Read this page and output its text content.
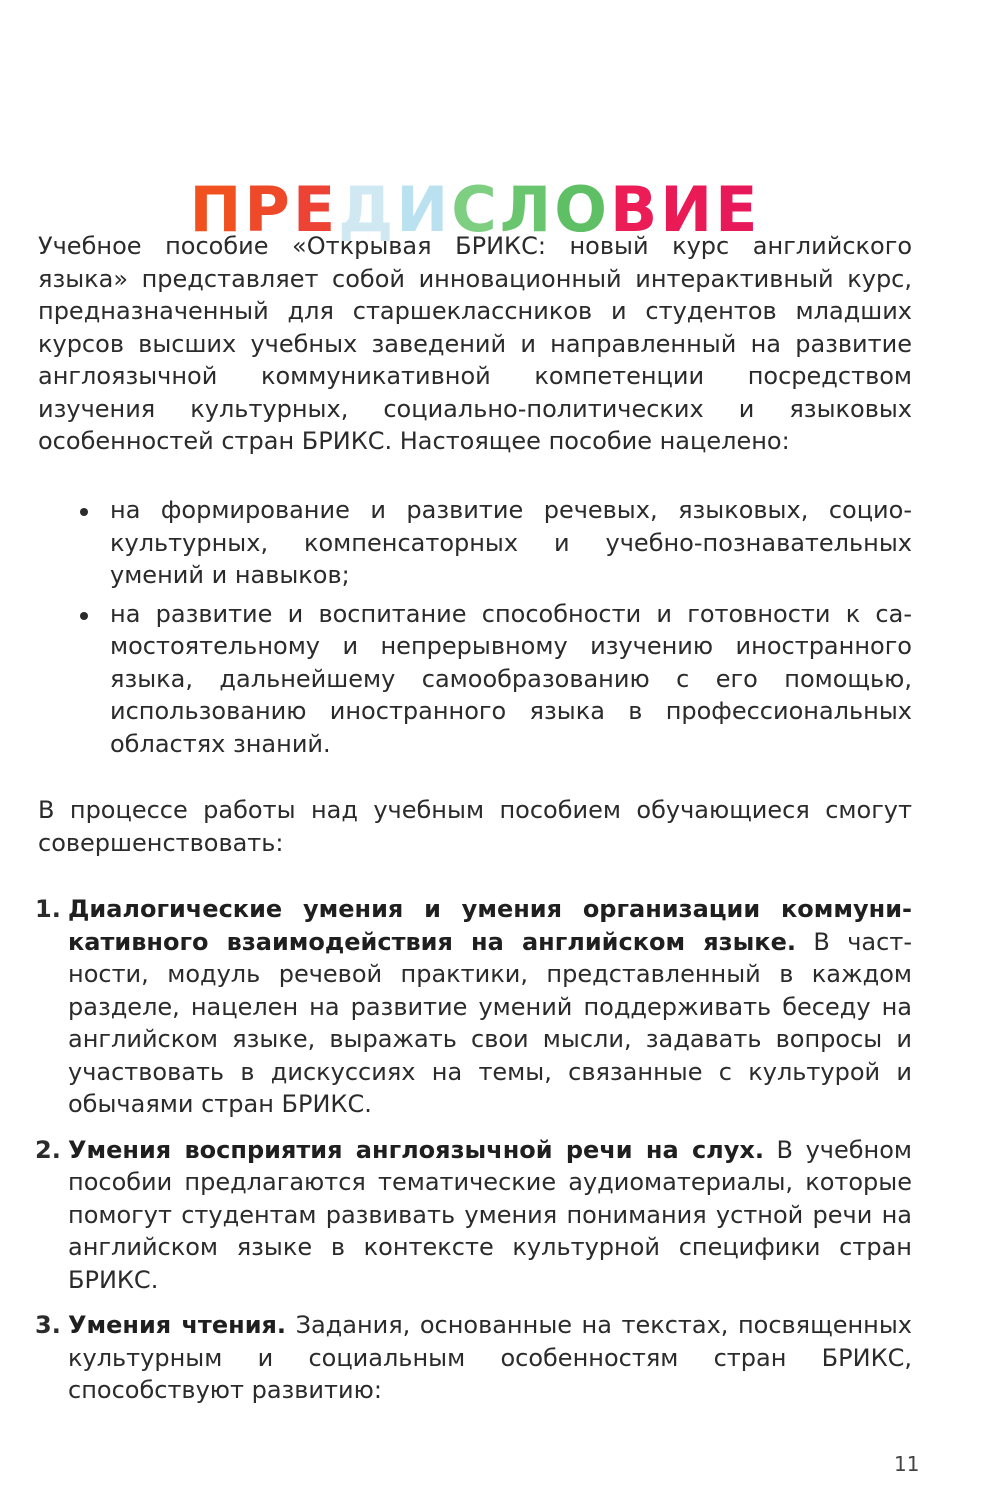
ПРЕДИСЛОВИЕ

Учебное пособие «Открывая БРИКС: новый курс английского языка» представляет собой инновационный интерактивный курс, предназначенный для старшеклассников и студентов младших курсов высших учебных заведений и направленный на развитие англоязычной коммуникативной компетенции посредством изучения культурных, социально-политических и языковых особенностей стран БРИКС. Настоящее пособие нацелено:

на формирование и развитие речевых, языковых, социокультурных, компенсаторных и учебно-познавательных умений и навыков;
на развитие и воспитание способности и готовности к самостоятельному и непрерывному изучению иностранного языка, дальнейшему самообразованию с его помощью, использованию иностранного языка в профессиональных областях знаний.

В процессе работы над учебным пособием обучающиеся смогут совершенствовать:

1. Диалогические умения и умения организации коммуникативного взаимодействия на английском языке. В частности, модуль речевой практики, представленный в каждом разделе, нацелен на развитие умений поддерживать беседу на английском языке, выражать свои мысли, задавать вопросы и участвовать в дискуссиях на темы, связанные с культурой и обычаями стран БРИКС.
2. Умения восприятия англоязычной речи на слух. В учебном пособии предлагаются тематические аудиоматериалы, которые помогут студентам развивать умения понимания устной речи на английском языке в контексте культурной специфики стран БРИКС.
3. Умения чтения. Задания, основанные на текстах, посвященных культурным и социальным особенностям стран БРИКС, способствуют развитию:
11
